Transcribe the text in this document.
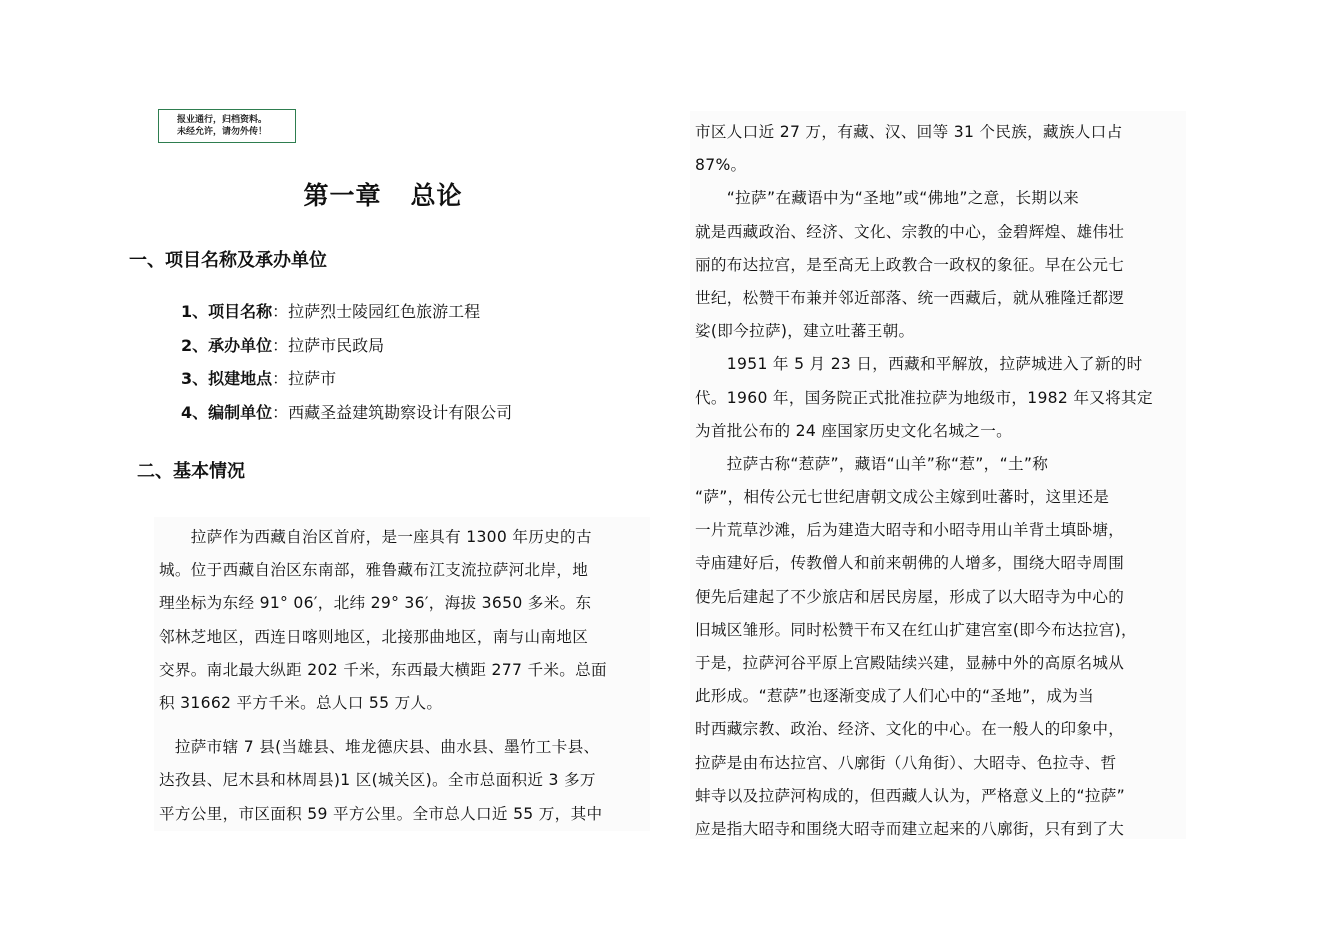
报业通行，归档资料。
未经允许，请勿外传！
第一章   总论
一、项目名称及承办单位
1、项目名称：拉萨烈士陵园红色旅游工程
2、承办单位：拉萨市民政局
3、拟建地点：拉萨市
4、编制单位：西藏圣益建筑勘察设计有限公司
二、基本情况
　　拉萨作为西藏自治区首府，是一座具有 1300 年历史的古
城。位于西藏自治区东南部，雅鲁藏布江支流拉萨河北岸，地
理坐标为东经 91° 06′，北纬 29° 36′，海拔 3650 多米。东
邻林芝地区，西连日喀则地区，北接那曲地区，南与山南地区
交界。南北最大纵距 202 千米，东西最大横距 277 千米。总面
积 31662 平方千米。总人口 55 万人。
　拉萨市辖 7 县(当雄县、堆龙德庆县、曲水县、墨竹工卡县、
达孜县、尼木县和林周县)1 区(城关区)。全市总面积近 3 多万
平方公里，市区面积 59 平方公里。全市总人口近 55 万，其中
市区人口近 27 万，有藏、汉、回等 31 个民族，藏族人口占
87%。
　　“拉萨”在藏语中为“圣地”或“佛地”之意，长期以来
就是西藏政治、经济、文化、宗教的中心，金碧辉煌、雄伟壮
丽的布达拉宫，是至高无上政教合一政权的象征。早在公元七
世纪，松赞干布兼并邻近部落、统一西藏后，就从雅隆迁都逻
娑(即今拉萨)，建立吐蕃王朝。
　　1951 年 5 月 23 日，西藏和平解放，拉萨城进入了新的时
代。1960 年，国务院正式批准拉萨为地级市，1982 年又将其定
为首批公布的 24 座国家历史文化名城之一。
　　拉萨古称“惹萨”，藏语“山羊”称“惹”，“土”称
“萨”，相传公元七世纪唐朝文成公主嫁到吐蕃时，这里还是
一片荒草沙滩，后为建造大昭寺和小昭寺用山羊背土填卧塘，
寺庙建好后，传教僧人和前来朝佛的人增多，围绕大昭寺周围
便先后建起了不少旅店和居民房屋，形成了以大昭寺为中心的
旧城区雏形。同时松赞干布又在红山扩建宫室(即今布达拉宫)，
于是，拉萨河谷平原上宫殿陆续兴建，显赫中外的高原名城从
此形成。“惹萨”也逐渐变成了人们心中的“圣地”，成为当
时西藏宗教、政治、经济、文化的中心。在一般人的印象中，
拉萨是由布达拉宫、八廓街（八角街）、大昭寺、色拉寺、哲
蚌寺以及拉萨河构成的，但西藏人认为，严格意义上的“拉萨”
应是指大昭寺和围绕大昭寺而建立起来的八廓街，只有到了大
